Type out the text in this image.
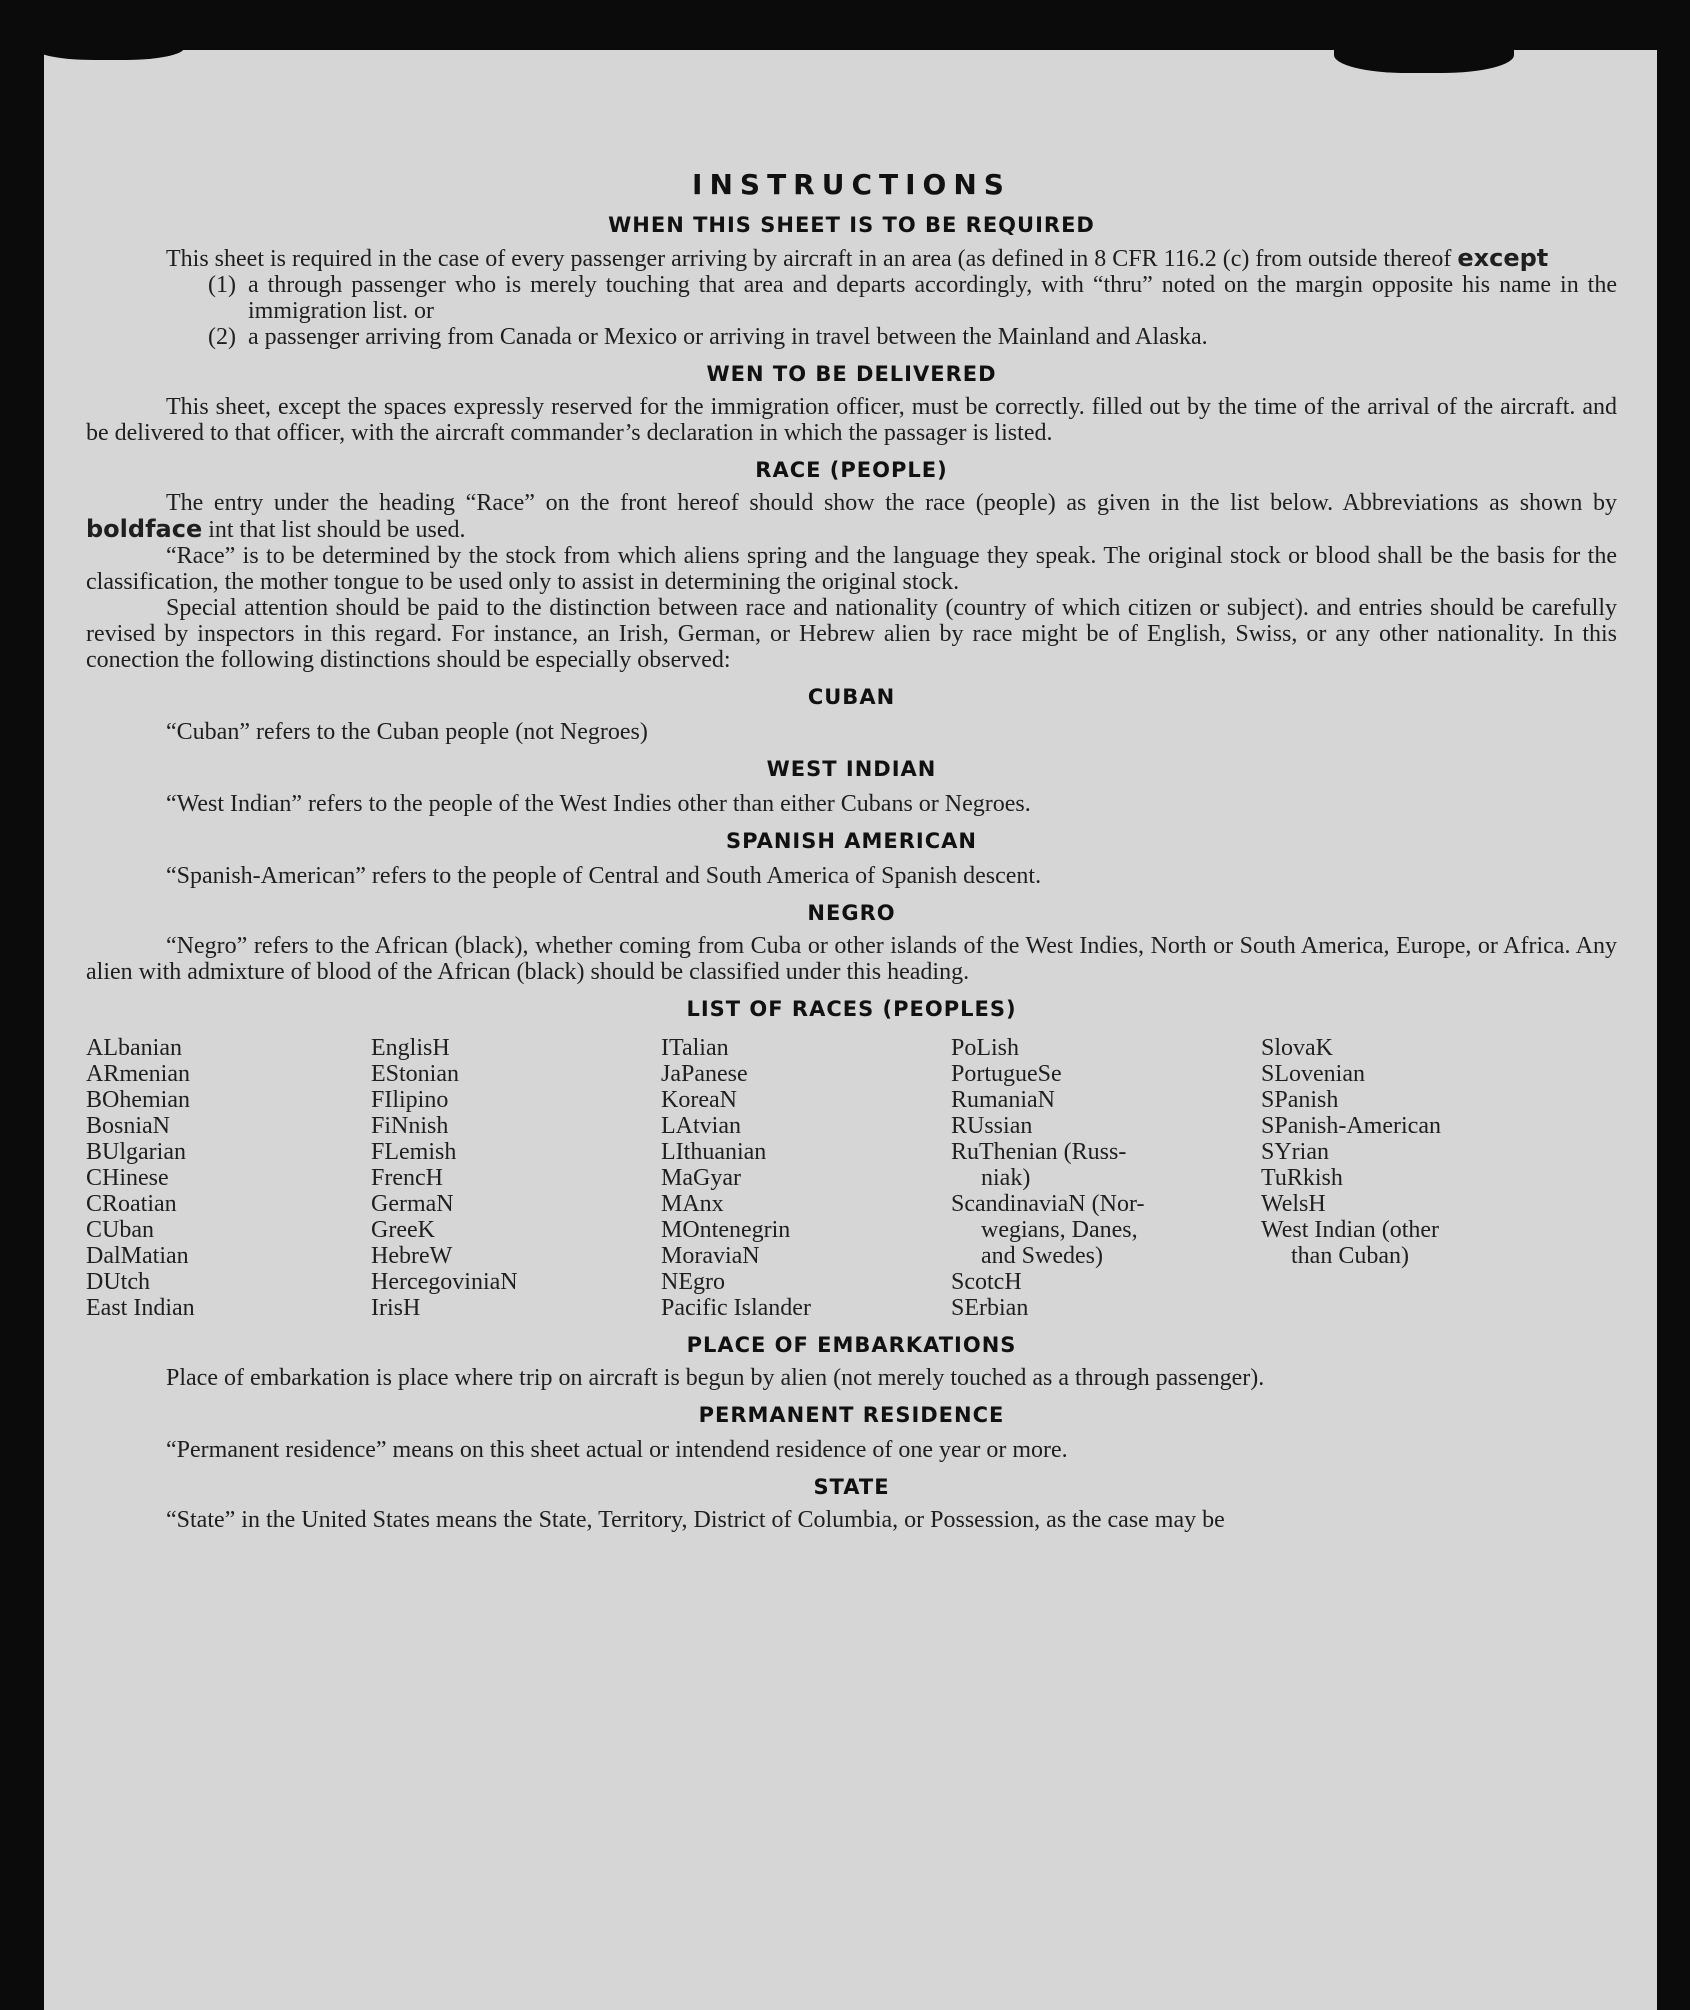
INSTRUCTIONS
WHEN THIS SHEET IS TO BE REQUIRED

This sheet is required in the case of every passenger arriving by aircraft in an area (as defined in 8 CFR 116.2 (c) from outside thereof except

(1) a through passenger who is merely touching that area and departs accordingly, with “thru” noted on the margin opposite his name in the immigration list. or
(2) a passenger arriving from Canada or Mexico or arriving in travel between the Mainland and Alaska.
WEN TO BE DELIVERED

This sheet, except the spaces expressly reserved for the immigration officer, must be correctly. filled out by the time of the arrival of the aircraft. and be delivered to that officer, with the aircraft commander’s declaration in which the passager is listed.

RACE (PEOPLE)

The entry under the heading “Race” on the front hereof should show the race (people) as given in the list below. Abbreviations as shown by boldface int that list should be used.

“Race” is to be determined by the stock from which aliens spring and the language they speak. The original stock or blood shall be the basis for the classification, the mother tongue to be used only to assist in determining the original stock.

Special attention should be paid to the distinction between race and nationality (country of which citizen or subject). and entries should be carefully revised by inspectors in this regard. For instance, an Irish, German, or Hebrew alien by race might be of English, Swiss, or any other nationality. In this conection the following distinctions should be especially observed:

CUBAN

“Cuban” refers to the Cuban people (not Negroes)

WEST INDIAN

“West Indian” refers to the people of the West Indies other than either Cubans or Negroes.

SPANISH AMERICAN

“Spanish-American” refers to the people of Central and South America of Spanish descent.

NEGRO

“Negro” refers to the African (black), whether coming from Cuba or other islands of the West Indies, North or South America, Europe, or Africa. Any alien with admixture of blood of the African (black) should be classified under this heading.

LIST OF RACES (PEOPLES)
ALbanian
ARmenian
BOhemian
BosniaN
BUlgarian
CHinese
CRoatian
CUban
DalMatian
DUtch
East Indian
EnglisH
EStonian
FIlipino
FiNnish
FLemish
FrencH
GermaN
GreeK
HebreW
HercegoviniaN
IrisH
ITalian
JaPanese
KoreaN
LAtvian
LIthuanian
MaGyar
MAnx
MOntenegrin
MoraviaN
NEgro
Pacific Islander
PoLish
PortugueSe
RumaniaN
RUssian
RuThenian (Russ-
niak)
ScandinaviaN (Nor-
wegians, Danes,
and Swedes)
ScotcH
SErbian
SlovaK
SLovenian
SPanish
SPanish-American
SYrian
TuRkish
WelsH
West Indian (other
than Cuban)
PLACE OF EMBARKATIONS

Place of embarkation is place where trip on aircraft is begun by alien (not merely touched as a through passenger).

PERMANENT RESIDENCE

“Permanent residence” means on this sheet actual or intendend residence of one year or more.

STATE

“State” in the United States means the State, Territory, District of Columbia, or Possession, as the case may be
